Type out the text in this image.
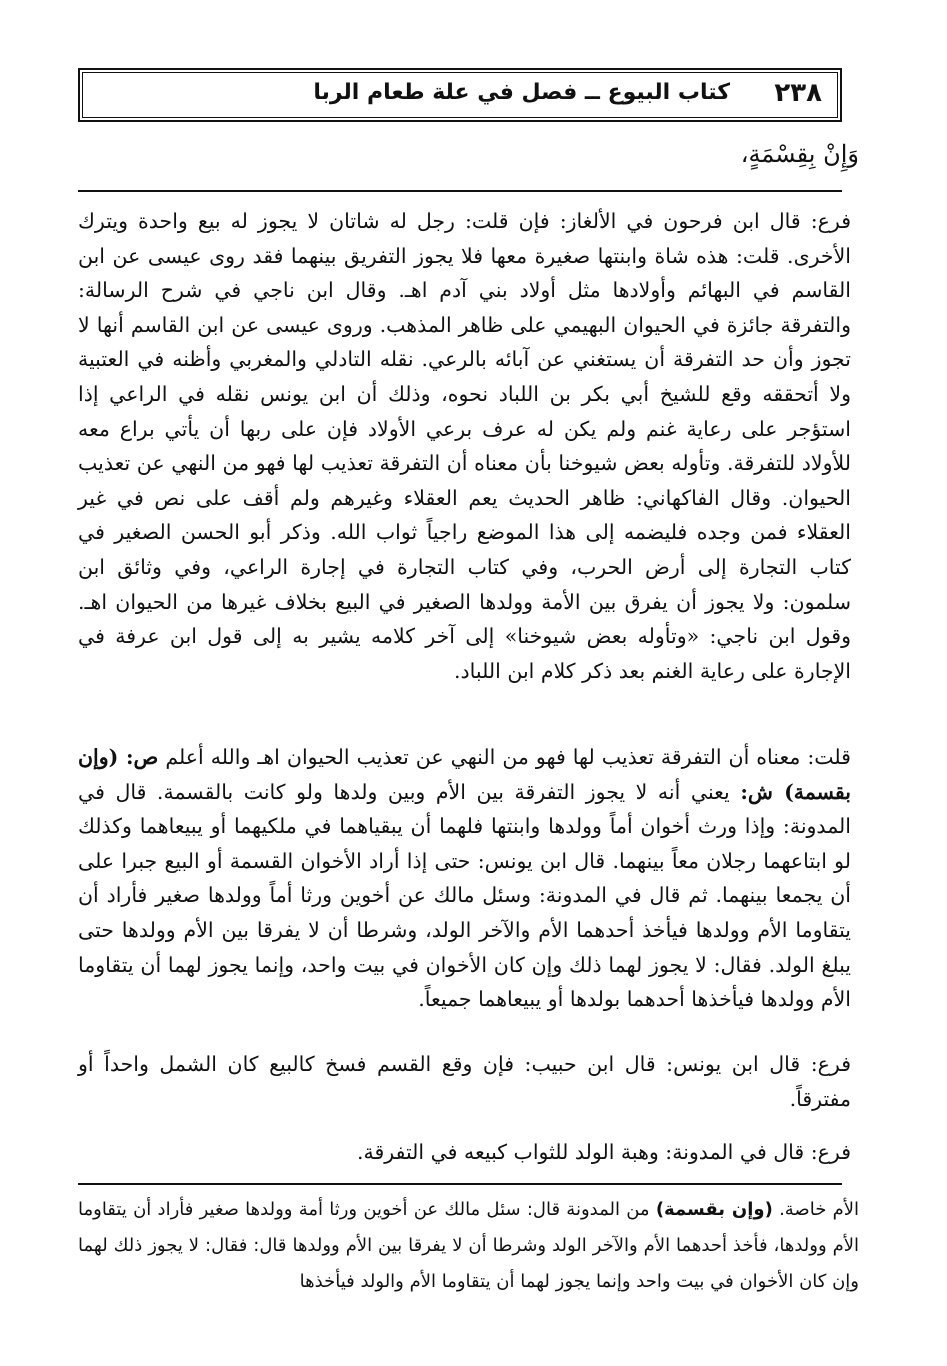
٢٣٨
كتاب البيوع ــ فصل في علة طعام الربا
وَإِنْ بِقِسْمَةٍ،

فرع: قال ابن فرحون في الألغاز: فإن قلت: رجل له شاتان لا يجوز له بيع واحدة ويترك الأخرى. قلت: هذه شاة وابنتها صغيرة معها فلا يجوز التفريق بينهما فقد روى عيسى عن ابن القاسم في البهائم وأولادها مثل أولاد بني آدم اهـ. وقال ابن ناجي في شرح الرسالة: والتفرقة جائزة في الحيوان البهيمي على ظاهر المذهب. وروى عيسى عن ابن القاسم أنها لا تجوز وأن حد التفرقة أن يستغني عن آبائه بالرعي. نقله التادلي والمغربي وأظنه في العتبية ولا أتحققه وقع للشيخ أبي بكر بن اللباد نحوه، وذلك أن ابن يونس نقله في الراعي إذا استؤجر على رعاية غنم ولم يكن له عرف برعي الأولاد فإن على ربها أن يأتي براع معه للأولاد للتفرقة. وتأوله بعض شيوخنا بأن معناه أن التفرقة تعذيب لها فهو من النهي عن تعذيب الحيوان. وقال الفاكهاني: ظاهر الحديث يعم العقلاء وغيرهم ولم أقف على نص في غير العقلاء فمن وجده فليضمه إلى هذا الموضع راجياً ثواب الله. وذكر أبو الحسن الصغير في كتاب التجارة إلى أرض الحرب، وفي كتاب التجارة في إجارة الراعي، وفي وثائق ابن سلمون: ولا يجوز أن يفرق بين الأمة وولدها الصغير في البيع بخلاف غيرها من الحيوان اهـ. وقول ابن ناجي: «وتأوله بعض شيوخنا» إلى آخر كلامه يشير به إلى قول ابن عرفة في الإجارة على رعاية الغنم بعد ذكر كلام ابن اللباد.

قلت: معناه أن التفرقة تعذيب لها فهو من النهي عن تعذيب الحيوان اهـ والله أعلم ص: (وإن بقسمة) ش: يعني أنه لا يجوز التفرقة بين الأم وبين ولدها ولو كانت بالقسمة. قال في المدونة: وإذا ورث أخوان أماً وولدها وابنتها فلهما أن يبقياهما في ملكيهما أو يبيعاهما وكذلك لو ابتاعهما رجلان معاً بينهما. قال ابن يونس: حتى إذا أراد الأخوان القسمة أو البيع جبرا على أن يجمعا بينهما. ثم قال في المدونة: وسئل مالك عن أخوين ورثا أماً وولدها صغير فأراد أن يتقاوما الأم وولدها فيأخذ أحدهما الأم والآخر الولد، وشرطا أن لا يفرقا بين الأم وولدها حتى يبلغ الولد. فقال: لا يجوز لهما ذلك وإن كان الأخوان في بيت واحد، وإنما يجوز لهما أن يتقاوما الأم وولدها فيأخذها أحدهما بولدها أو يبيعاهما جميعاً.

فرع: قال ابن يونس: قال ابن حبيب: فإن وقع القسم فسخ كالبيع كان الشمل واحداً أو مفترقاً.

فرع: قال في المدونة: وهبة الولد للثواب كبيعه في التفرقة.

الأم خاصة. (وإن بقسمة) من المدونة قال: سئل مالك عن أخوين ورثا أمة وولدها صغير فأراد أن يتقاوما الأم وولدها، فأخذ أحدهما الأم والآخر الولد وشرطا أن لا يفرقا بين الأم وولدها قال: فقال: لا يجوز ذلك لهما وإن كان الأخوان في بيت واحد وإنما يجوز لهما أن يتقاوما الأم والولد فيأخذها
